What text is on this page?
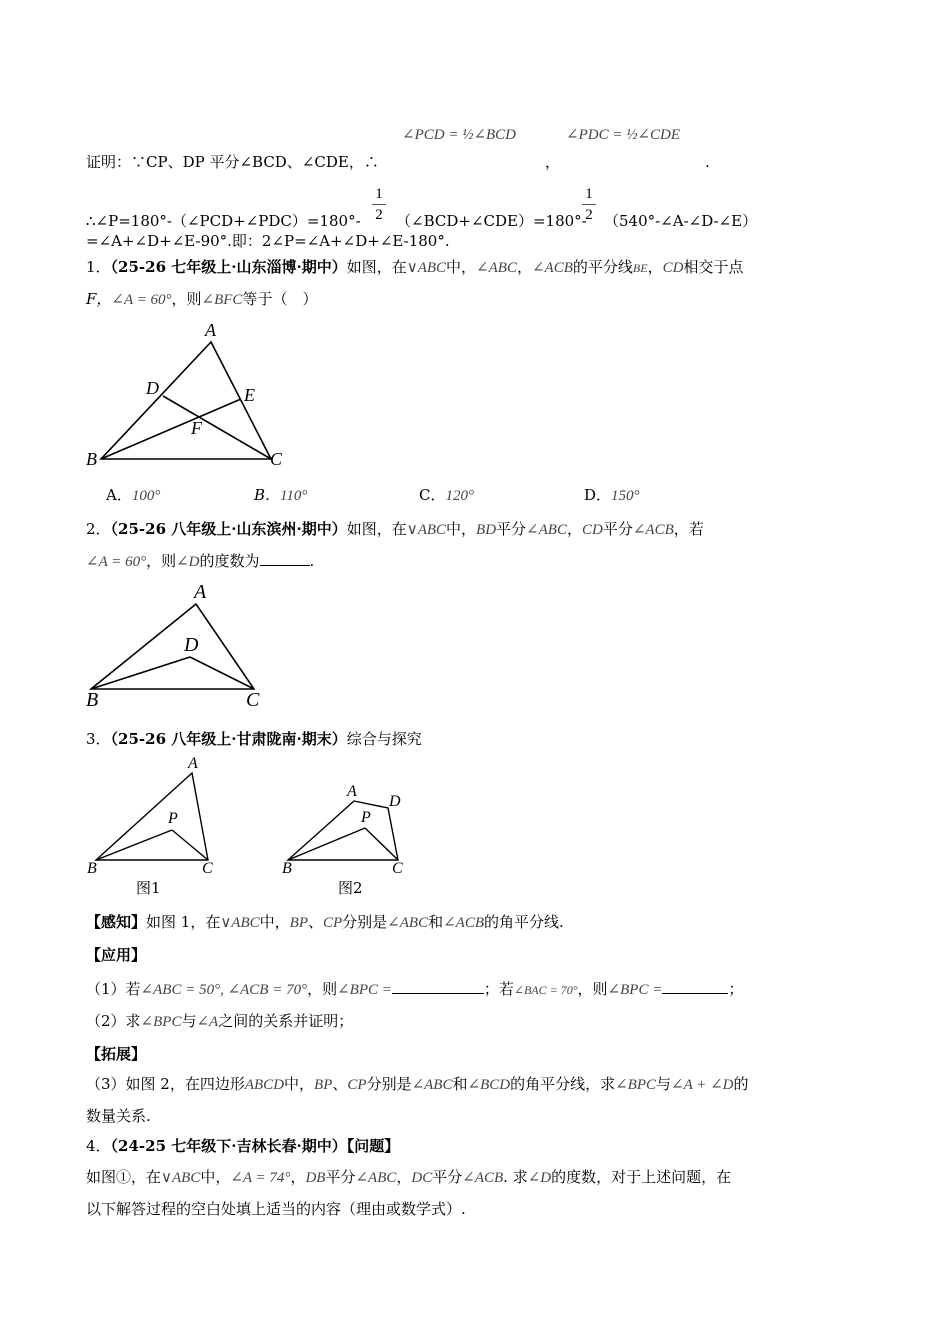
∠PCD = ½∠BCD	∠PDC = ½∠CDE
证明：∵CP、DP 平分∠BCD、∠CDE，∴	，	.
1
2
1
2
∴∠P=180°-（∠PCD+∠PDC）=180°- （∠BCD+∠CDE）=180°- （540°-∠A-∠D-∠E）
=∠A+∠D+∠E-90°.即：2∠P=∠A+∠D+∠E-180°.
1．（25-26 七年级上·山东淄博·期中）如图，在∨ABC中，∠ABC，∠ACB的平分线BE，CD相交于点
F，∠A = 60°，则∠BFC等于（　）
A
D	E
F
B	C
A．100°	B．110°	C．120°	D．150°
2．（25-26 八年级上·山东滨州·期中）如图，在∨ABC中，BD平分∠ABC，CD平分∠ACB，若
∠A = 60°，则∠D的度数为	.
A
D
B	C
3．（25-26 八年级上·甘肃陇南·期末）综合与探究
A
P
B	C
图1
A
D
P
B	C
图2
【感知】如图 1，在∨ABC中，BP、CP分别是∠ABC和∠ACB的角平分线.
【应用】
（1）若∠ABC = 50°, ∠ACB = 70°，则∠BPC =	；若∠BAC = 70°，则∠BPC =	；
（2）求∠BPC与∠A之间的关系并证明；
【拓展】
（3）如图 2，在四边形ABCD中，BP、CP分别是∠ABC和∠BCD的角平分线，求∠BPC与∠A + ∠D的
数量关系.
4．（24-25 七年级下·吉林长春·期中）【问题】
如图①，在∨ABC中，∠A = 74°，DB平分∠ABC，DC平分∠ACB. 求∠D的度数，对于上述问题，在
以下解答过程的空白处填上适当的内容（理由或数学式）.
